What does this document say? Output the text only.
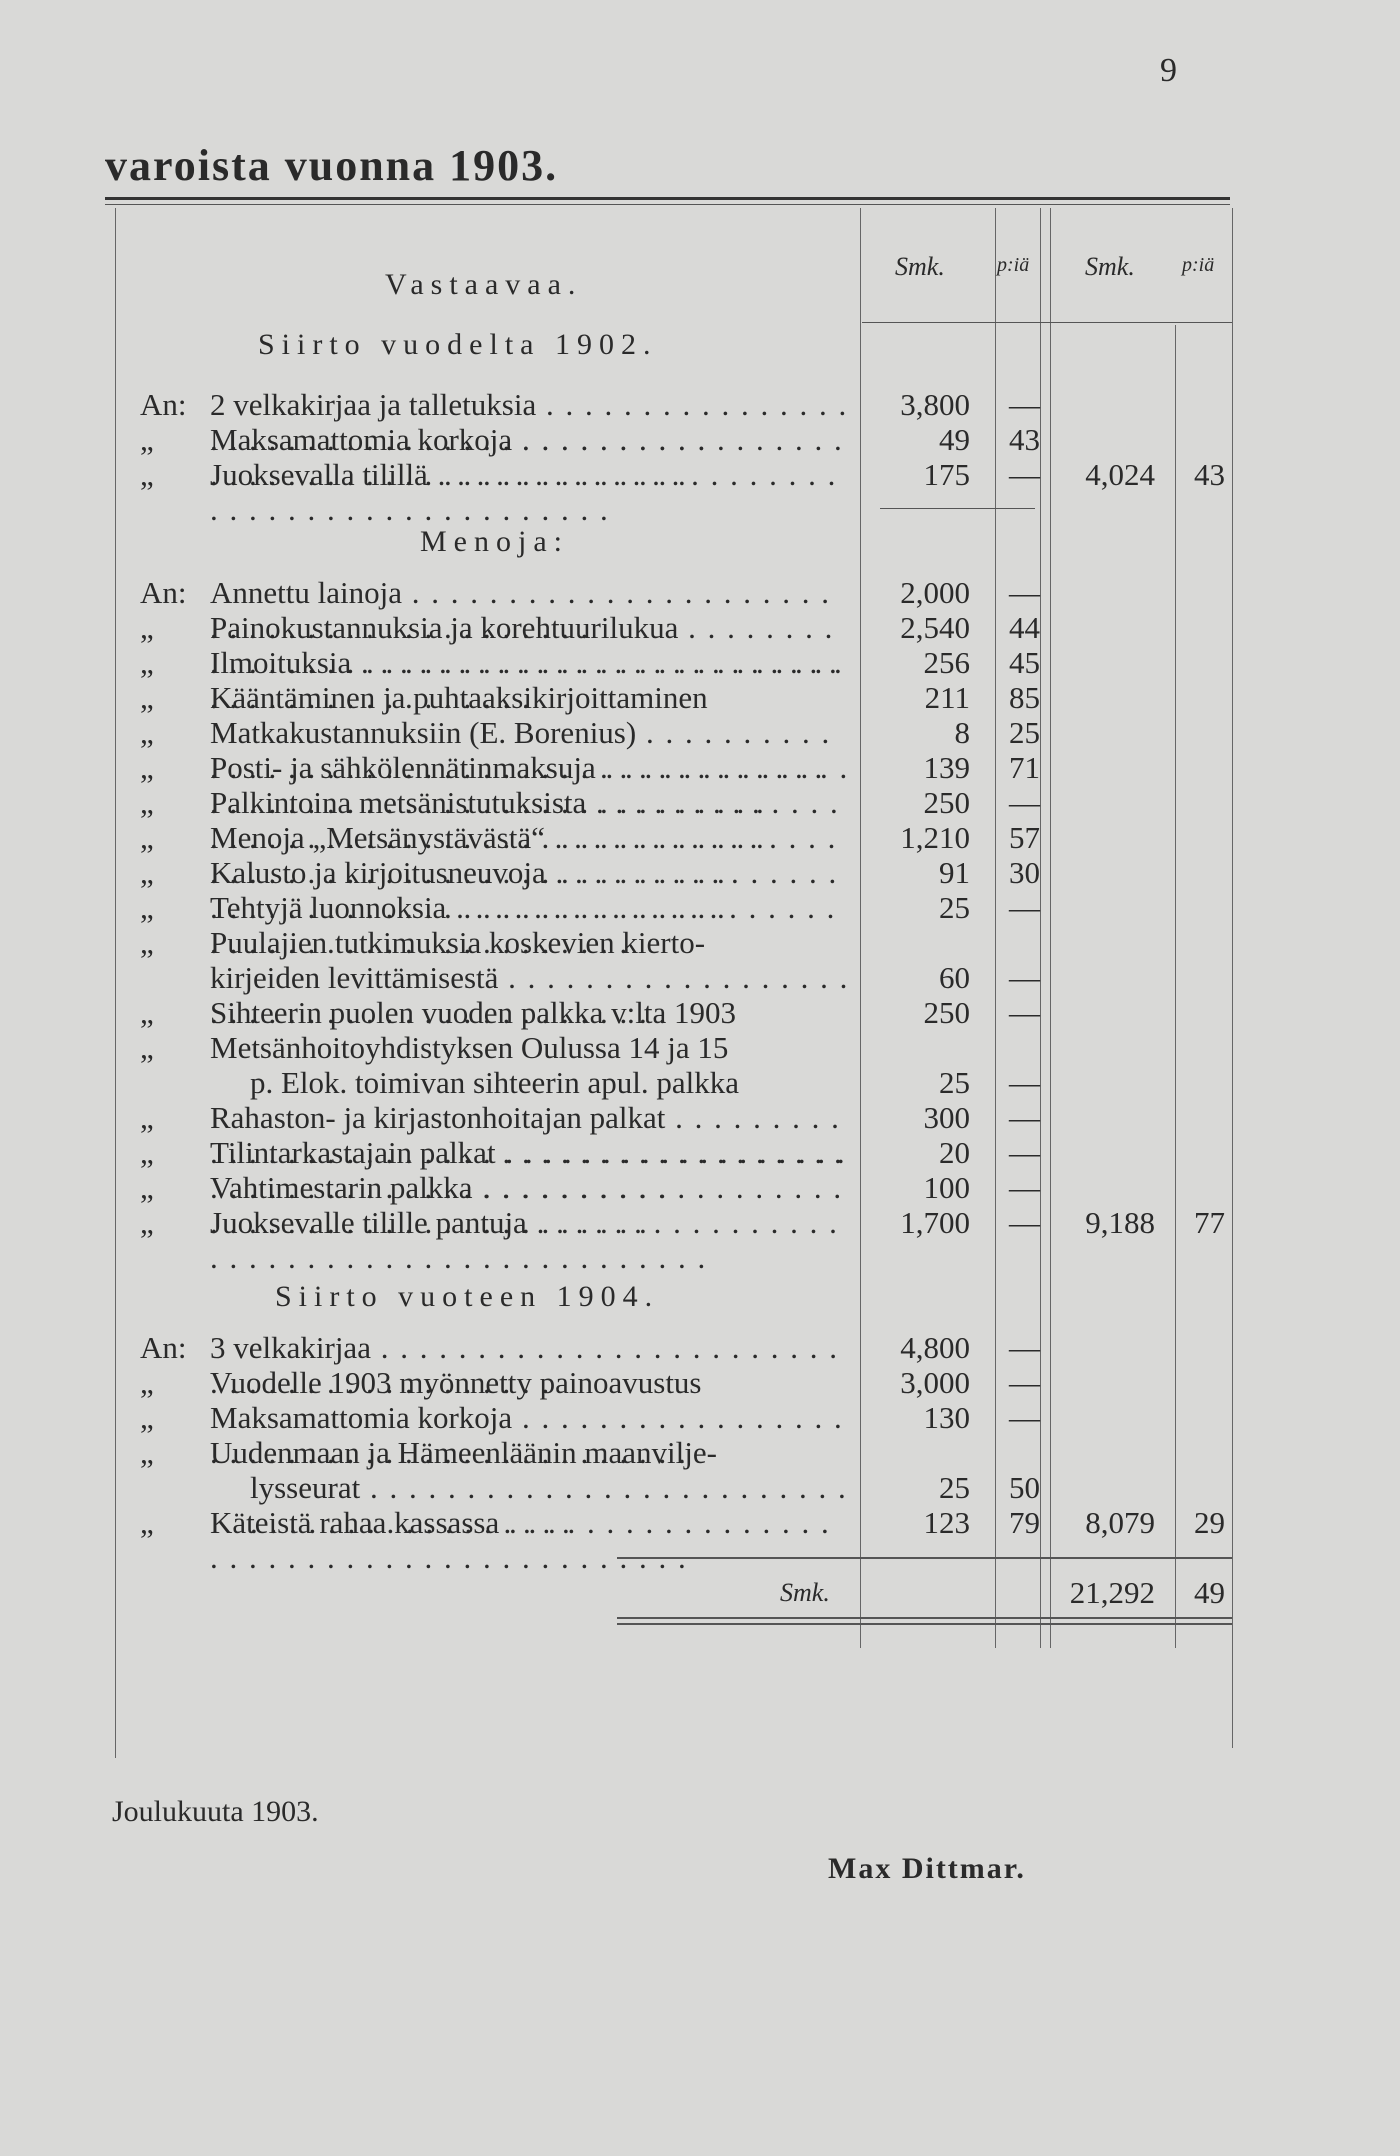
9
varoista vuonna 1903.
Smk.	p:iä Smk. p:iä
Vastaavaa.
Siirto vuodelta 1902.
An: 2 velkakirjaa ja talletuksia . . .	3,800 —
„	Maksamattomia korkoja . . .	49 43
„	Juoksevalla tilillä . . .	175 —	4,024 43
Menoja:
An: Annettu lainoja . . .	2,000 —
„	Painokustannuksia ja korehtuurilukua . . .	2,540 44
„	Ilmoituksia . . .	256 45
„	Kääntäminen ja puhtaaksikirjoittaminen	211 85
„	Matkakustannuksiin (E. Borenius) . . .	8 25
„	Posti- ja sähkölennätinmaksuja . . .	139 71
„	Palkintoina metsänistutuksista . . .	250 —
„	Menoja „Metsänystävästä“ . . .	1,210 57
„	Kalusto ja kirjoitusneuvoja . . .	91 30
„	Tehtyjä luonnoksia . . .	25 —
„	Puulajien tutkimuksia koskevien kierto-
kirjeiden levittämisestä . . .	60 —
„	Sihteerin puolen vuoden palkka v:lta 1903	250 —
„	Metsänhoitoyhdistyksen Oulussa 14 ja 15
p. Elok. toimivan sihteerin apul. palkka	25 —
„	Rahaston- ja kirjastonhoitajan palkat . . .	300 —
„	Tilintarkastajain palkat . . .	20 —
„	Vahtimestarin palkka . . .	100 —
„	Juoksevalle tilille pantuja . . .	1,700 —	9,188 77
Siirto vuoteen 1904.
An: 3 velkakirjaa . . .	4,800 —
„	Vuodelle 1903 myönnetty painoavustus	3,000 —
„	Maksamattomia korkoja . . .	130 —
„	Uudenmaan ja Hämeenläänin maanvilje-
lysseurat . . .	25 50
„	Käteistä rahaa kassassa . . .	123 79	8,079 29
Smk.	21,292 49
Joulukuuta 1903.
Max Dittmar.
